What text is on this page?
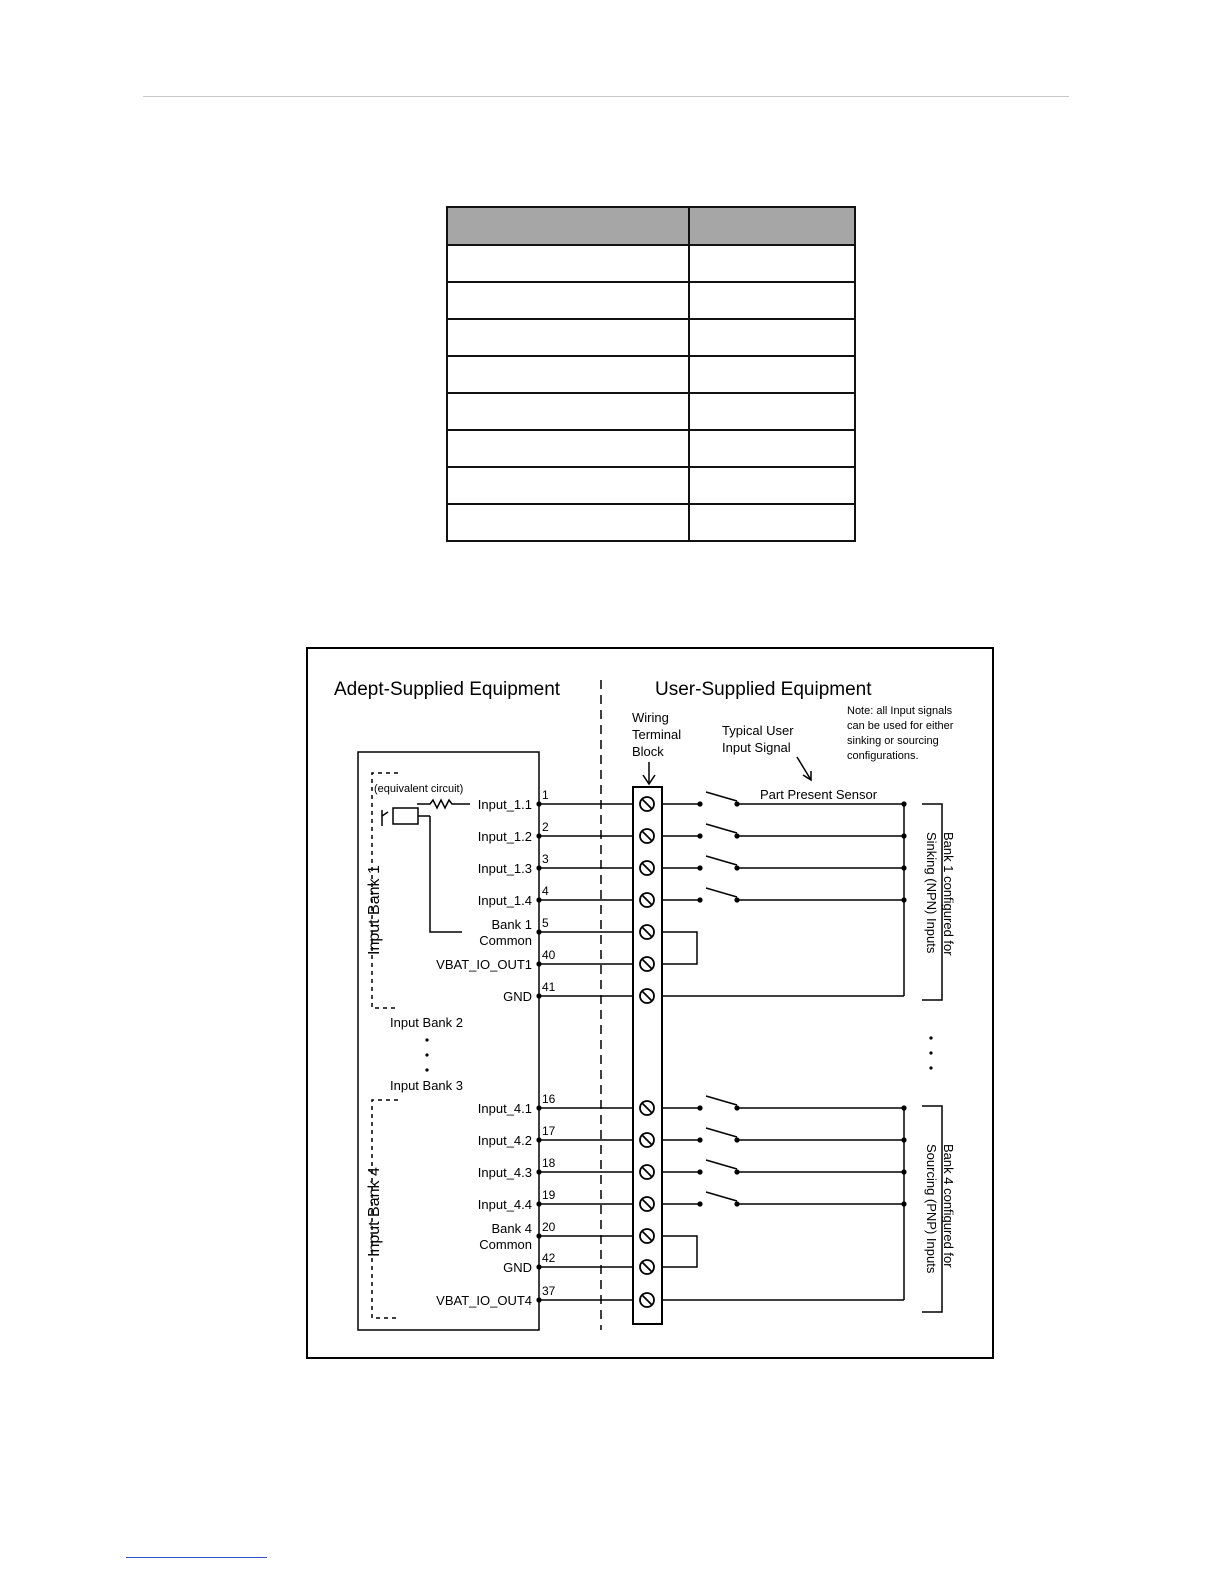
Adept-Supplied Equipment	User-Supplied Equipment
Wiring
Terminal
Block
Typical User
Input Signal
Note: all Input signals
can be used for either
sinking or sourcing
configurations.
(equivalent circuit)	Part Present Sensor
Input Bank 2
Input Bank 3
Input Bank 1
Input Bank 4
Bank 1 configured for
Sinking (NPN) Inputs
Bank 4 configured for
Sourcing (PNP) Inputs
1
Input_1.1
2
Input_1.2
3
Input_1.3
4
Input_1.4
5
Bank 1
Common
40
VBAT_IO_OUT1
41
GND
16
Input_4.1
17
Input_4.2
18
Input_4.3
19
Input_4.4
20
Bank 4
Common
42
GND
37
VBAT_IO_OUT4
